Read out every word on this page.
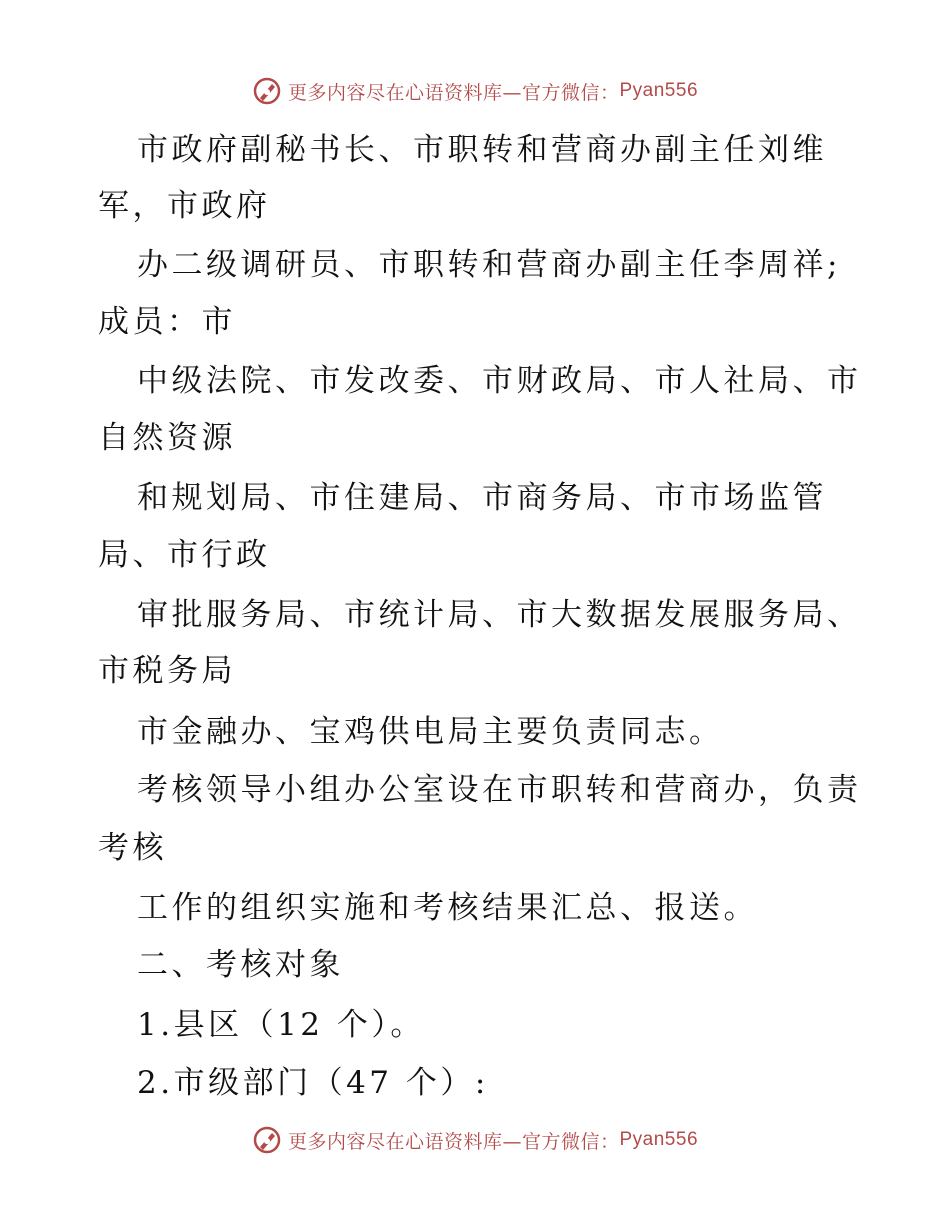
更多内容尽在心语资料库—官方微信： Pyan556
市政府副秘书长、市职转和营商办副主任刘维
军，市政府
办二级调研员、市职转和营商办副主任李周祥;
成员：市
中级法院、市发改委、市财政局、市人社局、市
自然资源
和规划局、市住建局、市商务局、市市场监管
局、市行政
审批服务局、市统计局、市大数据发展服务局、
市税务局
市金融办、宝鸡供电局主要负责同志。
考核领导小组办公室设在市职转和营商办，负责
考核
工作的组织实施和考核结果汇总、报送。
二、考核对象
1.县区（12 个）。
2.市级部门（47 个）:
更多内容尽在心语资料库—官方微信： Pyan556
